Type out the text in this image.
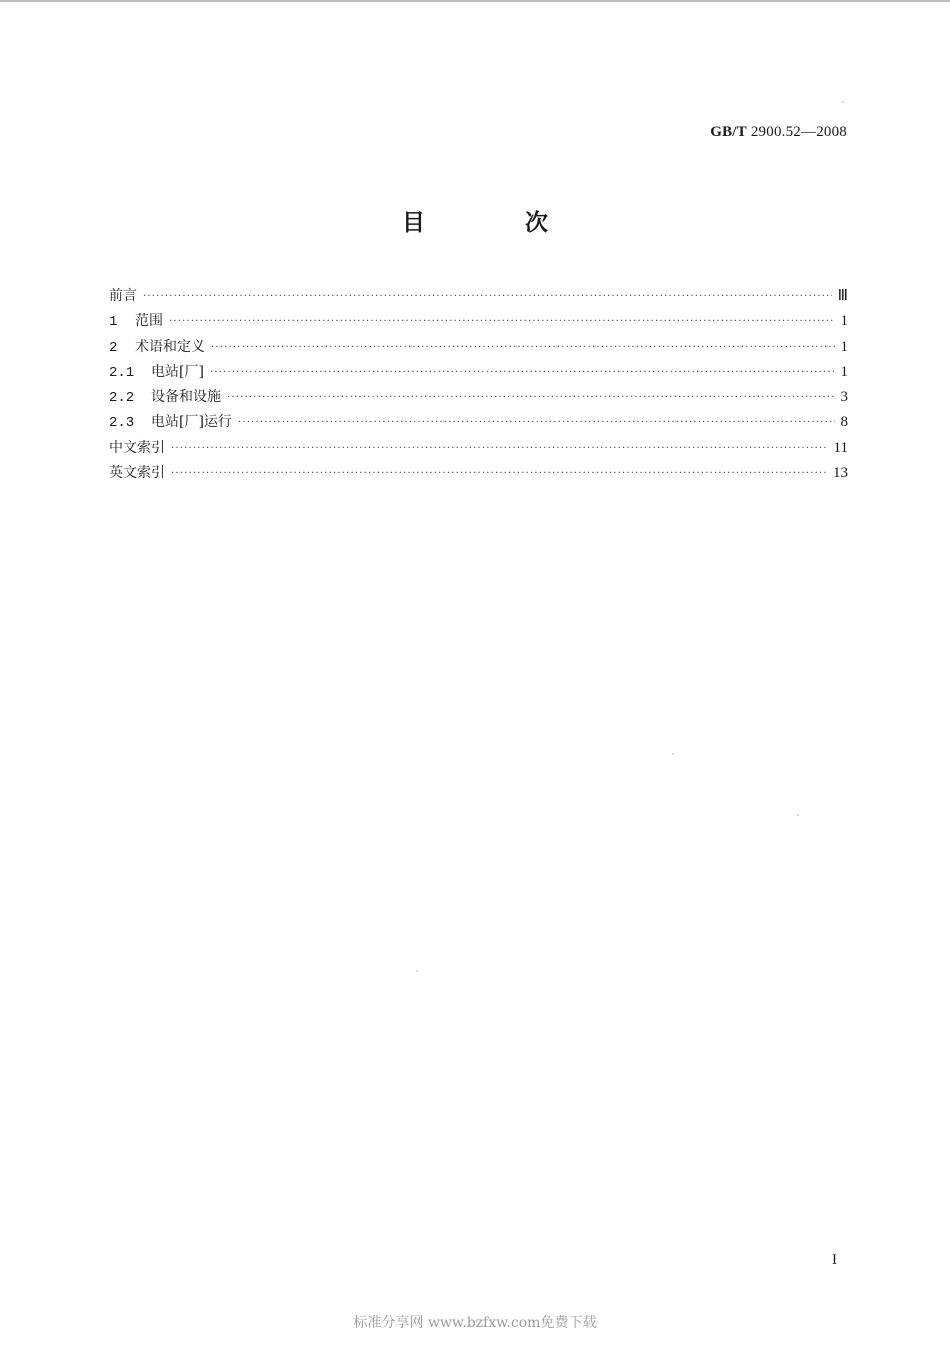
GB/T 2900.52—2008
目 次
前言 ·····	Ⅲ
1	范围 ·····	1
2	术语和定义 ·····	1
2.1	电站[厂] ·····	1
2.2	设备和设施 ·····	3
2.3	电站[厂]运行 ·····	8
中文索引 ·····	11
英文索引 ·····	13
I
标准分享网 www.bzfxw.com免费下载
